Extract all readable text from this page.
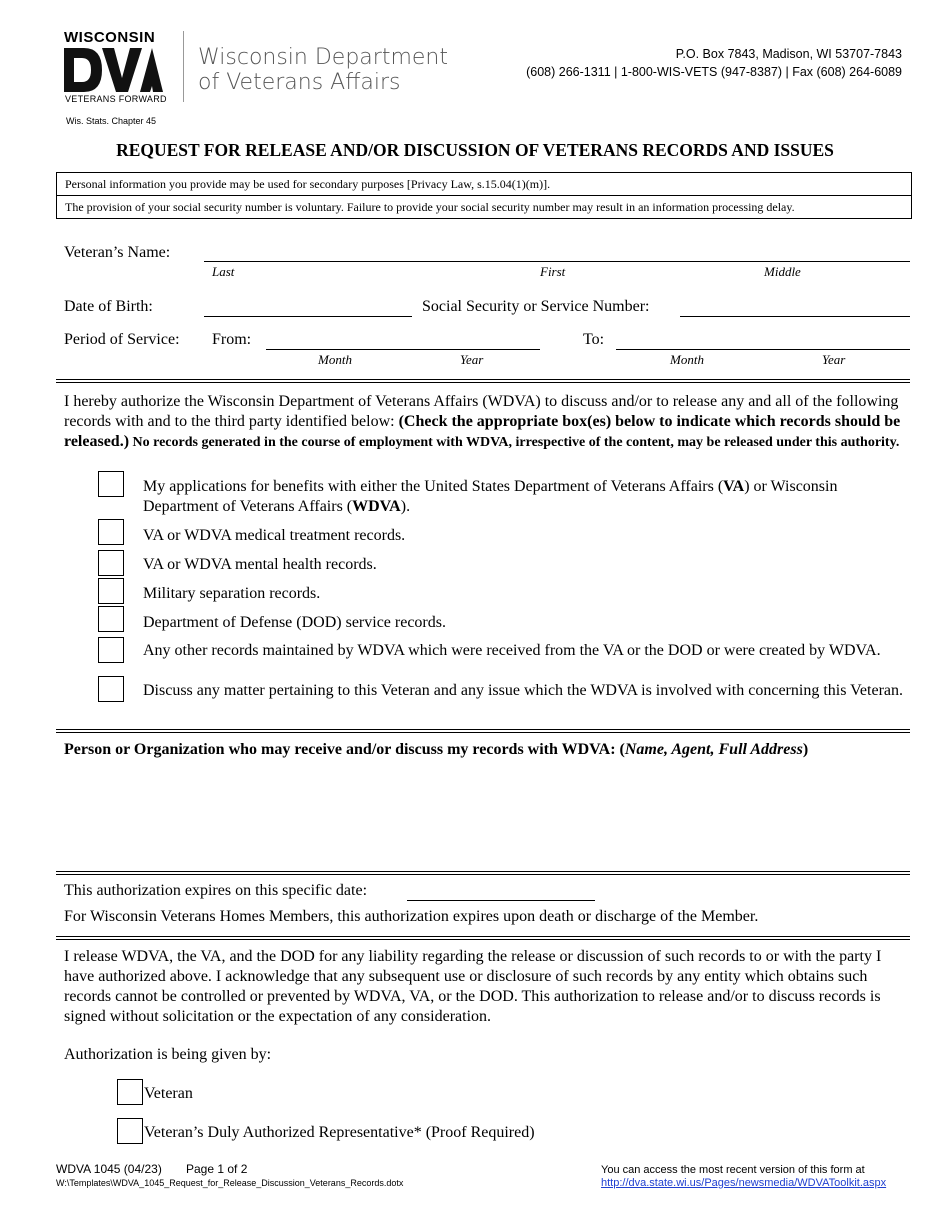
WISCONSIN
VETERANS FORWARD
Wisconsin Department
of Veterans Affairs
P.O. Box 7843, Madison, WI 53707-7843
(608) 266-1311 | 1-800-WIS-VETS (947-8387) | Fax (608) 264-6089
Wis. Stats. Chapter 45
REQUEST FOR RELEASE AND/OR DISCUSSION OF VETERANS RECORDS AND ISSUES
Personal information you provide may be used for secondary purposes [Privacy Law, s.15.04(1)(m)].
The provision of your social security number is voluntary. Failure to provide your social security number may result in an information processing delay.
Veteran’s Name:
Last	First	Middle
Date of Birth:	Social Security or Service Number:
Period of Service: From:	To:
Month	Year	Month	Year
I hereby authorize the Wisconsin Department of Veterans Affairs (WDVA) to discuss and/or to release any and all of the following records with and to the third party identified below: (Check the appropriate box(es) below to indicate which records should be released.) No records generated in the course of employment with WDVA, irrespective of the content, may be released under this authority.
My applications for benefits with either the United States Department of Veterans Affairs (VA) or Wisconsin Department of Veterans Affairs (WDVA).
VA or WDVA medical treatment records.
VA or WDVA mental health records.
Military separation records.
Department of Defense (DOD) service records.
Any other records maintained by WDVA which were received from the VA or the DOD or were created by WDVA.
Discuss any matter pertaining to this Veteran and any issue which the WDVA is involved with concerning this Veteran.
Person or Organization who may receive and/or discuss my records with WDVA: (Name, Agent, Full Address)
This authorization expires on this specific date:
For Wisconsin Veterans Homes Members, this authorization expires upon death or discharge of the Member.
I release WDVA, the VA, and the DOD for any liability regarding the release or discussion of such records to or with the party I have authorized above. I acknowledge that any subsequent use or disclosure of such records by any entity which obtains such records cannot be controlled or prevented by WDVA, VA, or the DOD. This authorization to release and/or to discuss records is signed without solicitation or the expectation of any consideration.
Authorization is being given by:
Veteran
Veteran’s Duly Authorized Representative* (Proof Required)
WDVA 1045 (04/23) Page 1 of 2
W:\Templates\WDVA_1045_Request_for_Release_Discussion_Veterans_Records.dotx
You can access the most recent version of this form at
http://dva.state.wi.us/Pages/newsmedia/WDVAToolkit.aspx
